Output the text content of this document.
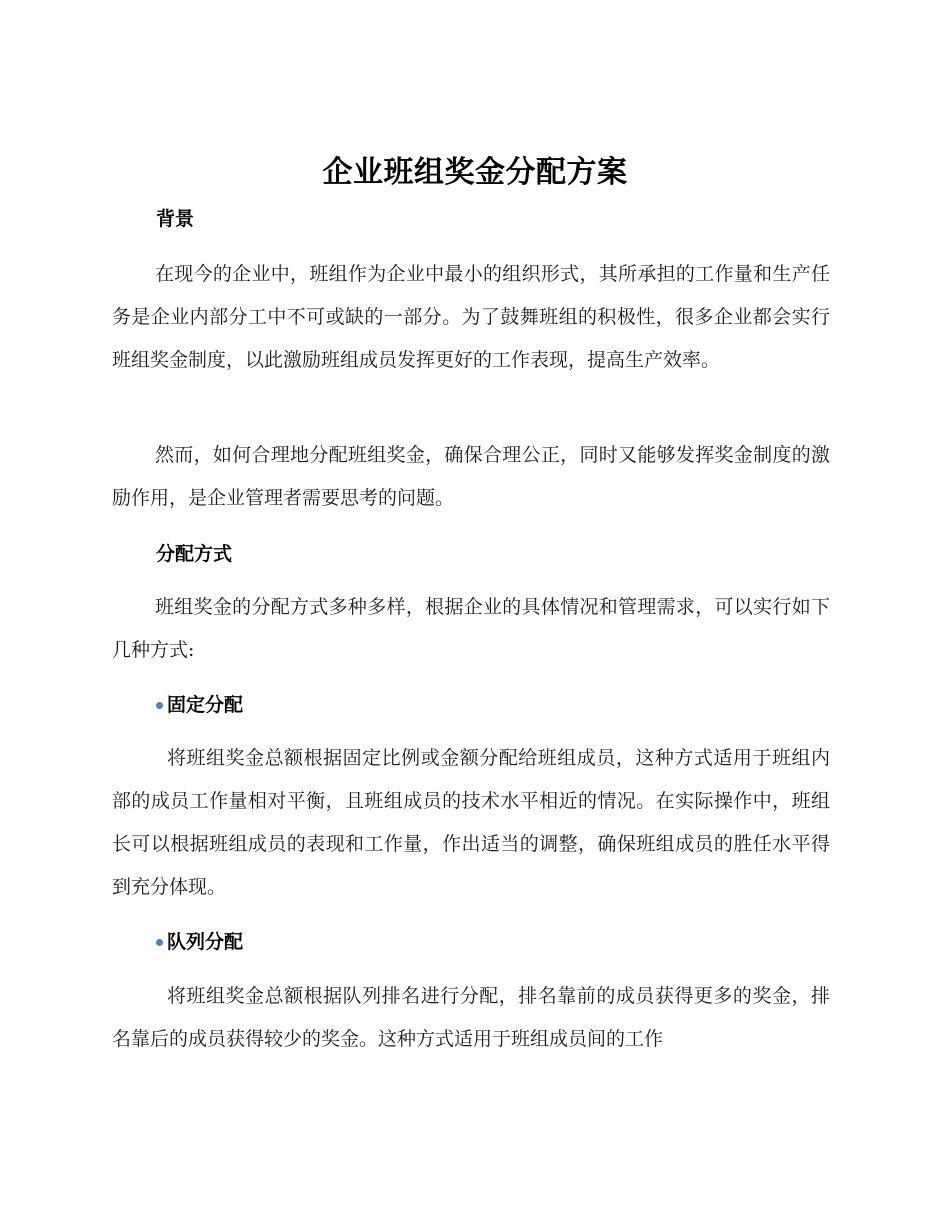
企业班组奖金分配方案
背景

在现今的企业中，班组作为企业中最小的组织形式，其所承担的工作量和生产任务是企业内部分工中不可或缺的一部分。为了鼓舞班组的积极性，很多企业都会实行班组奖金制度，以此激励班组成员发挥更好的工作表现，提高生产效率。

然而，如何合理地分配班组奖金，确保合理公正，同时又能够发挥奖金制度的激励作用，是企业管理者需要思考的问题。

分配方式

班组奖金的分配方式多种多样，根据企业的具体情况和管理需求，可以实行如下几种方式:

固定分配

将班组奖金总额根据固定比例或金额分配给班组成员，这种方式适用于班组内部的成员工作量相对平衡，且班组成员的技术水平相近的情况。在实际操作中，班组长可以根据班组成员的表现和工作量，作出适当的调整，确保班组成员的胜任水平得到充分体现。

队列分配

将班组奖金总额根据队列排名进行分配，排名靠前的成员获得更多的奖金，排名靠后的成员获得较少的奖金。这种方式适用于班组成员间的工作
